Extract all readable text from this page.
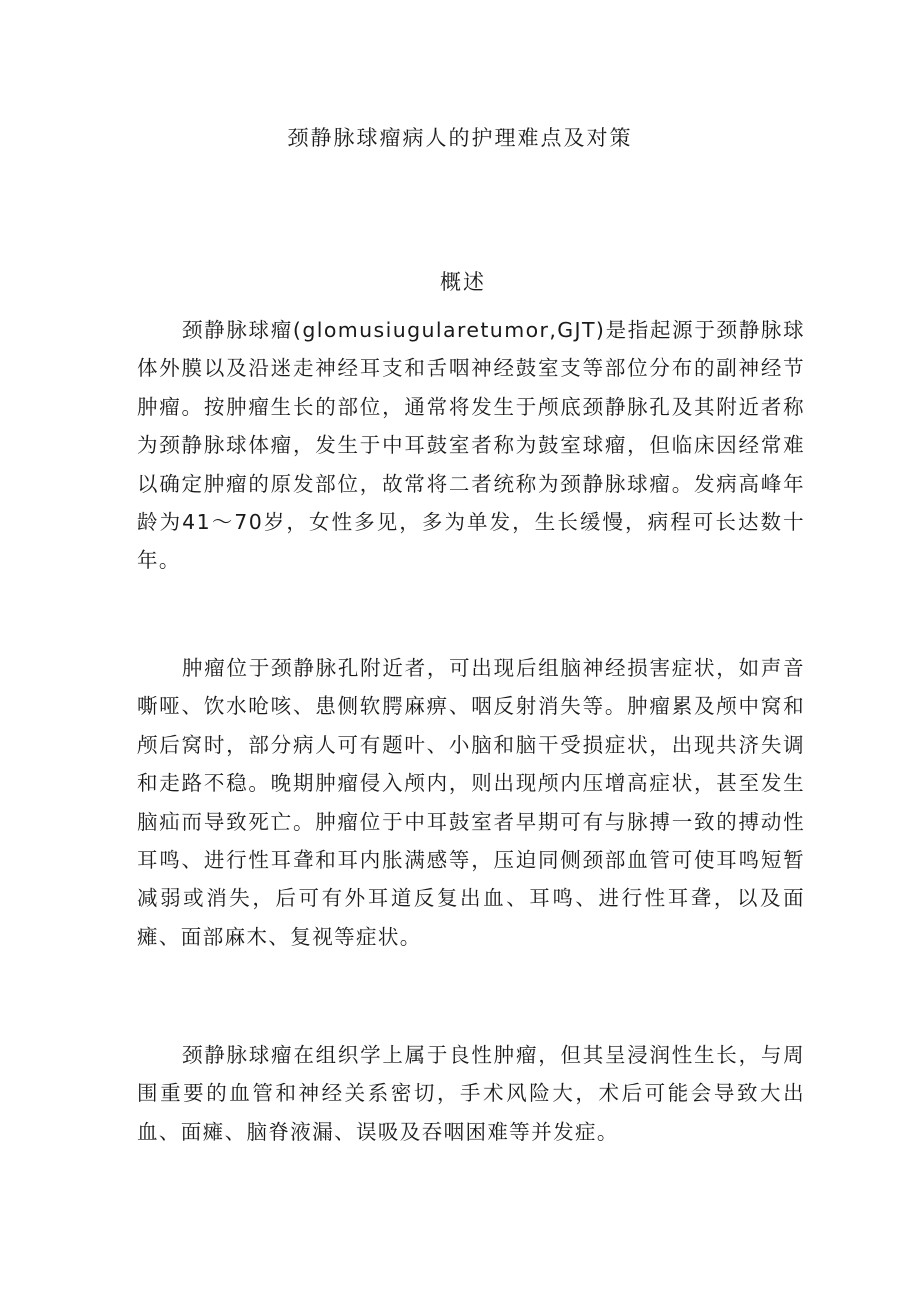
颈静脉球瘤病人的护理难点及对策
概述

颈静脉球瘤(glomusiugularetumor,GJT)是指起源于颈静脉球体外膜以及沿迷走神经耳支和舌咽神经鼓室支等部位分布的副神经节肿瘤。按肿瘤生长的部位，通常将发生于颅底颈静脉孔及其附近者称为颈静脉球体瘤，发生于中耳鼓室者称为鼓室球瘤，但临床因经常难以确定肿瘤的原发部位，故常将二者统称为颈静脉球瘤。发病高峰年龄为41～70岁，女性多见，多为单发，生长缓慢，病程可长达数十年。

肿瘤位于颈静脉孔附近者，可出现后组脑神经损害症状，如声音嘶哑、饮水呛咳、患侧软腭麻痹、咽反射消失等。肿瘤累及颅中窝和颅后窝时，部分病人可有题叶、小脑和脑干受损症状，出现共济失调和走路不稳。晚期肿瘤侵入颅内，则出现颅内压增高症状，甚至发生脑疝而导致死亡。肿瘤位于中耳鼓室者早期可有与脉搏一致的搏动性耳鸣、进行性耳聋和耳内胀满感等，压迫同侧颈部血管可使耳鸣短暂减弱或消失，后可有外耳道反复出血、耳鸣、进行性耳聋，以及面瘫、面部麻木、复视等症状。

颈静脉球瘤在组织学上属于良性肿瘤，但其呈浸润性生长，与周围重要的血管和神经关系密切，手术风险大，术后可能会导致大出血、面瘫、脑脊液漏、误吸及吞咽困难等并发症。
